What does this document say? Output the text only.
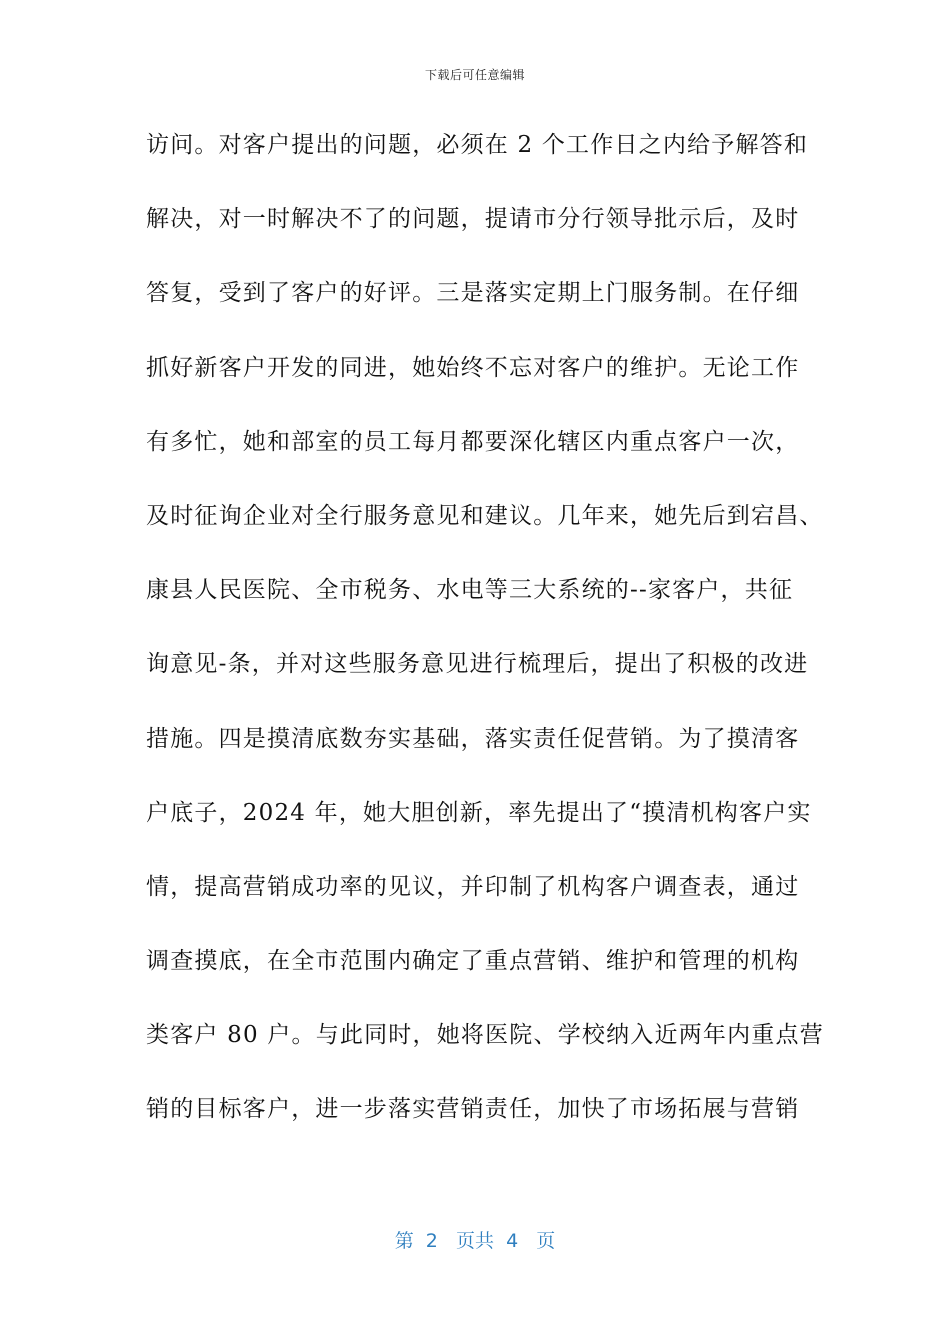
下载后可任意编辑
访问。对客户提出的问题，必须在 2 个工作日之内给予解答和
解决，对一时解决不了的问题，提请市分行领导批示后，及时
答复，受到了客户的好评。三是落实定期上门服务制。在仔细
抓好新客户开发的同进，她始终不忘对客户的维护。无论工作
有多忙，她和部室的员工每月都要深化辖区内重点客户一次，
及时征询企业对全行服务意见和建议。几年来，她先后到宕昌、
康县人民医院、全市税务、水电等三大系统的--家客户，共征
询意见-条，并对这些服务意见进行梳理后，提出了积极的改进
措施。四是摸清底数夯实基础，落实责任促营销。为了摸清客
户底子，2024 年，她大胆创新，率先提出了“摸清机构客户实
情，提高营销成功率的见议，并印制了机构客户调查表，通过
调查摸底，在全市范围内确定了重点营销、维护和管理的机构
类客户 80 户。与此同时，她将医院、学校纳入近两年内重点营
销的目标客户，进一步落实营销责任，加快了市场拓展与营销
第  2   页共  4   页
